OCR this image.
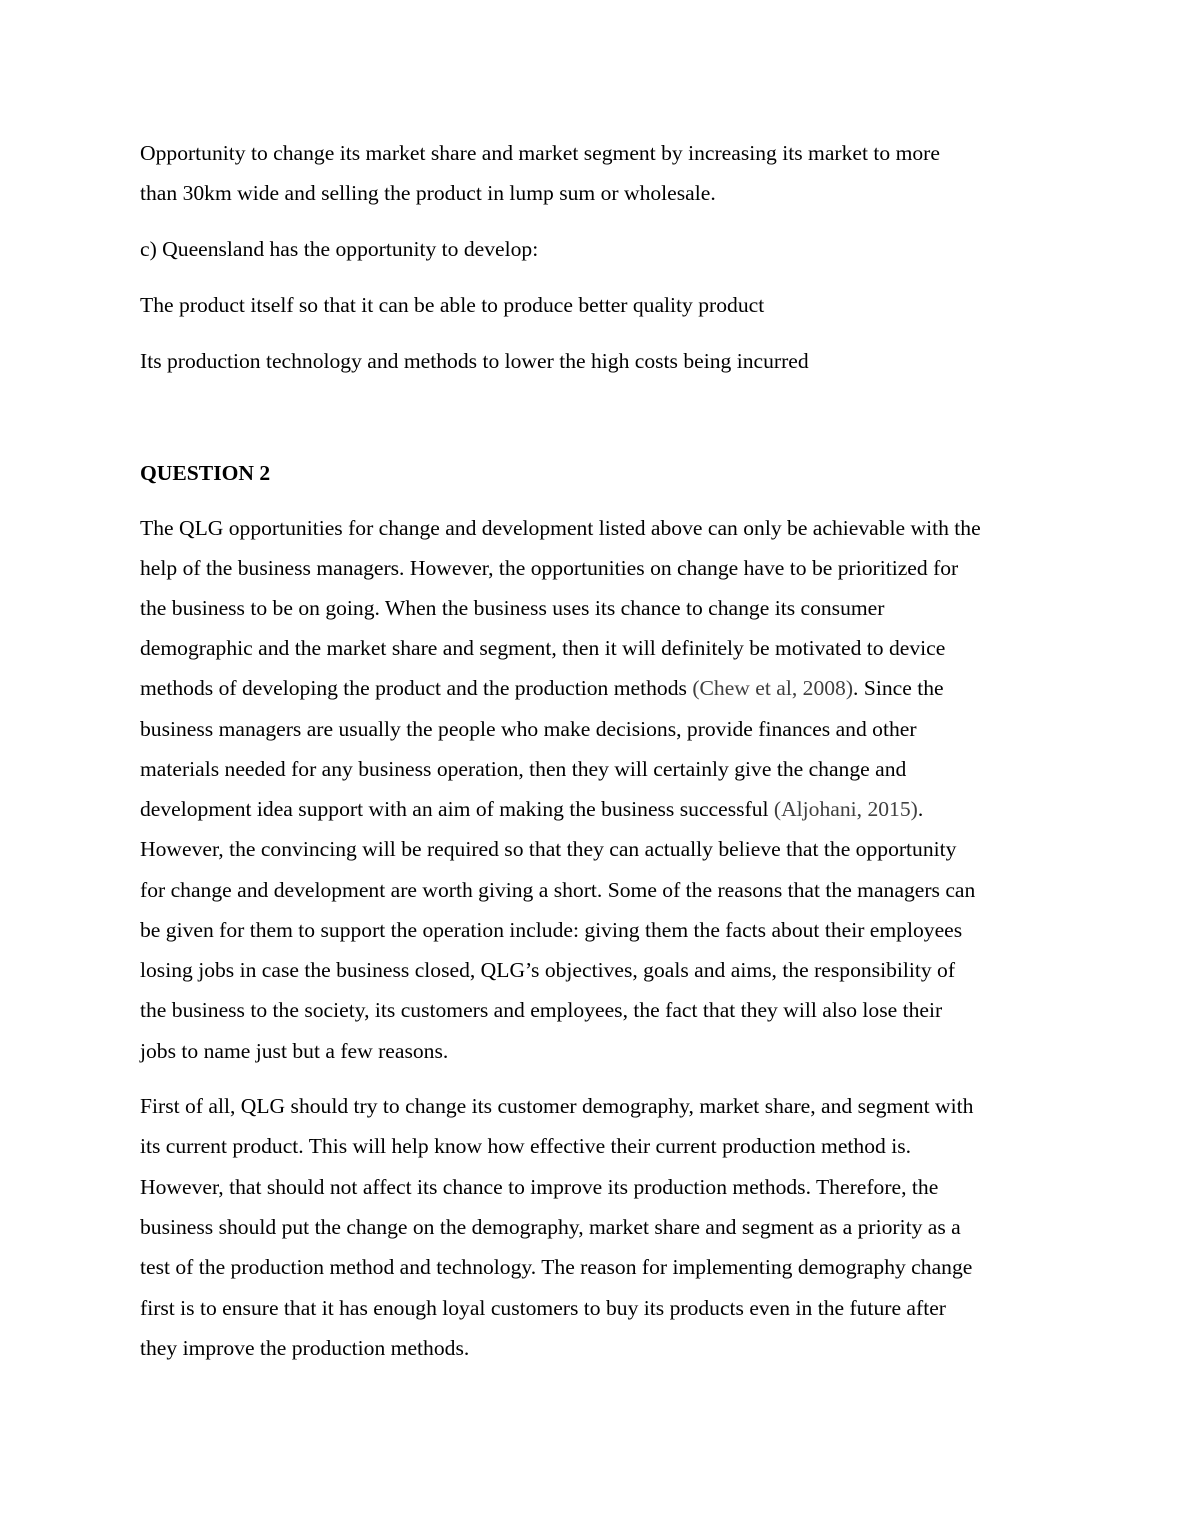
Opportunity to change its market share and market segment by increasing its market to more
than 30km wide and selling the product in lump sum or wholesale.
c) Queensland has the opportunity to develop:
The product itself so that it can be able to produce better quality product
Its production technology and methods to lower the high costs being incurred
QUESTION 2
The QLG opportunities for change and development listed above can only be achievable with the
help of the business managers. However, the opportunities on change have to be prioritized for
the business to be on going. When the business uses its chance to change its consumer
demographic and the market share and segment, then it will definitely be motivated to device
methods of developing the product and the production methods (Chew et al, 2008). Since the
business managers are usually the people who make decisions, provide finances and other
materials needed for any business operation, then they will certainly give the change and
development idea support with an aim of making the business successful (Aljohani, 2015).
However, the convincing will be required so that they can actually believe that the opportunity
for change and development are worth giving a short. Some of the reasons that the managers can
be given for them to support the operation include: giving them the facts about their employees
losing jobs in case the business closed, QLG’s objectives, goals and aims, the responsibility of
the business to the society, its customers and employees, the fact that they will also lose their
jobs to name just but a few reasons.
First of all, QLG should try to change its customer demography, market share, and segment with
its current product. This will help know how effective their current production method is.
However, that should not affect its chance to improve its production methods. Therefore, the
business should put the change on the demography, market share and segment as a priority as a
test of the production method and technology. The reason for implementing demography change
first is to ensure that it has enough loyal customers to buy its products even in the future after
they improve the production methods.
